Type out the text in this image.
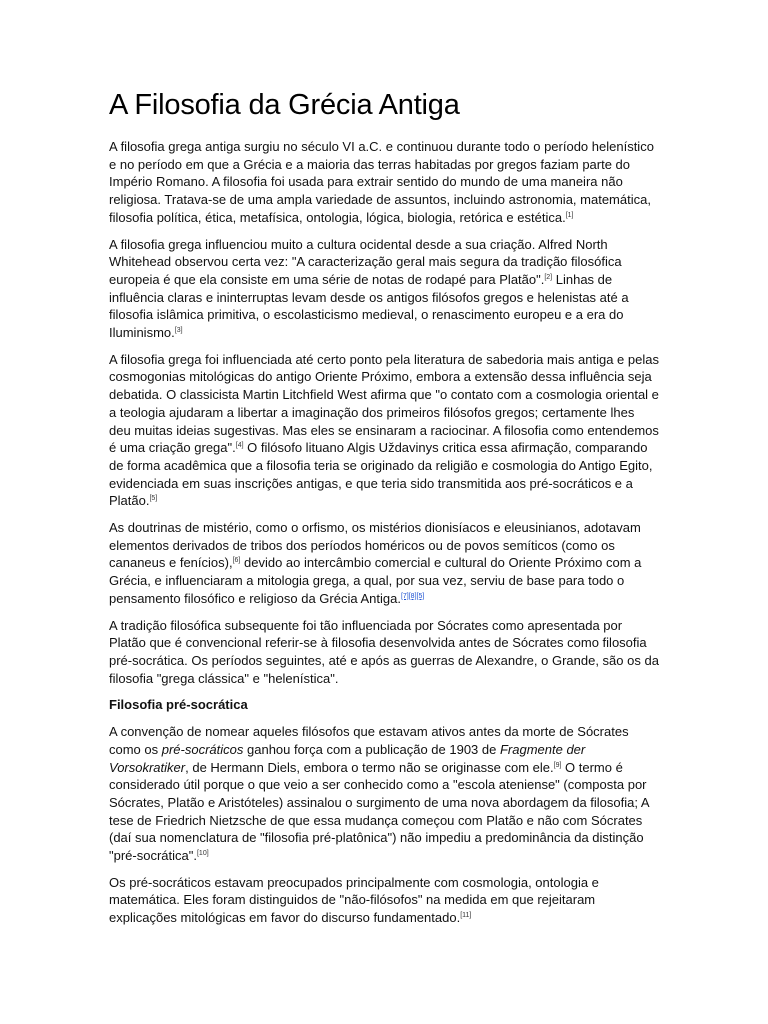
A Filosofia da Grécia Antiga

A filosofia grega antiga surgiu no século VI a.C. e continuou durante todo o período helenístico e no período em que a Grécia e a maioria das terras habitadas por gregos faziam parte do Império Romano. A filosofia foi usada para extrair sentido do mundo de uma maneira não religiosa. Tratava-se de uma ampla variedade de assuntos, incluindo astronomia, matemática, filosofia política, ética, metafísica, ontologia, lógica, biologia, retórica e estética.[1]

A filosofia grega influenciou muito a cultura ocidental desde a sua criação. Alfred North Whitehead observou certa vez: "A caracterização geral mais segura da tradição filosófica europeia é que ela consiste em uma série de notas de rodapé para Platão".[2] Linhas de influência claras e ininterruptas levam desde os antigos filósofos gregos e helenistas até a filosofia islâmica primitiva, o escolasticismo medieval, o renascimento europeu e a era do Iluminismo.[3]

A filosofia grega foi influenciada até certo ponto pela literatura de sabedoria mais antiga e pelas cosmogonias mitológicas do antigo Oriente Próximo, embora a extensão dessa influência seja debatida. O classicista Martin Litchfield West afirma que "o contato com a cosmologia oriental e a teologia ajudaram a libertar a imaginação dos primeiros filósofos gregos; certamente lhes deu muitas ideias sugestivas. Mas eles se ensinaram a raciocinar. A filosofia como entendemos é uma criação grega".[4] O filósofo lituano Algis Uždavinys critica essa afirmação, comparando de forma acadêmica que a filosofia teria se originado da religião e cosmologia do Antigo Egito, evidenciada em suas inscrições antigas, e que teria sido transmitida aos pré-socráticos e a Platão.[5]

As doutrinas de mistério, como o orfismo, os mistérios dionisíacos e eleusinianos, adotavam elementos derivados de tribos dos períodos homéricos ou de povos semíticos (como os cananeus e fenícios),[6] devido ao intercâmbio comercial e cultural do Oriente Próximo com a Grécia, e influenciaram a mitologia grega, a qual, por sua vez, serviu de base para todo o pensamento filosófico e religioso da Grécia Antiga.[7][8][5]

A tradição filosófica subsequente foi tão influenciada por Sócrates como apresentada por Platão que é convencional referir-se à filosofia desenvolvida antes de Sócrates como filosofia pré-socrática. Os períodos seguintes, até e após as guerras de Alexandre, o Grande, são os da filosofia "grega clássica" e "helenística".

Filosofia pré-socrática

A convenção de nomear aqueles filósofos que estavam ativos antes da morte de Sócrates como os pré-socráticos ganhou força com a publicação de 1903 de Fragmente der Vorsokratiker, de Hermann Diels, embora o termo não se originasse com ele.[9] O termo é considerado útil porque o que veio a ser conhecido como a "escola ateniense" (composta por Sócrates, Platão e Aristóteles) assinalou o surgimento de uma nova abordagem da filosofia; A tese de Friedrich Nietzsche de que essa mudança começou com Platão e não com Sócrates (daí sua nomenclatura de "filosofia pré-platônica") não impediu a predominância da distinção "pré-socrática".[10]

Os pré-socráticos estavam preocupados principalmente com cosmologia, ontologia e matemática. Eles foram distinguidos de "não-filósofos" na medida em que rejeitaram explicações mitológicas em favor do discurso fundamentado.[11]
